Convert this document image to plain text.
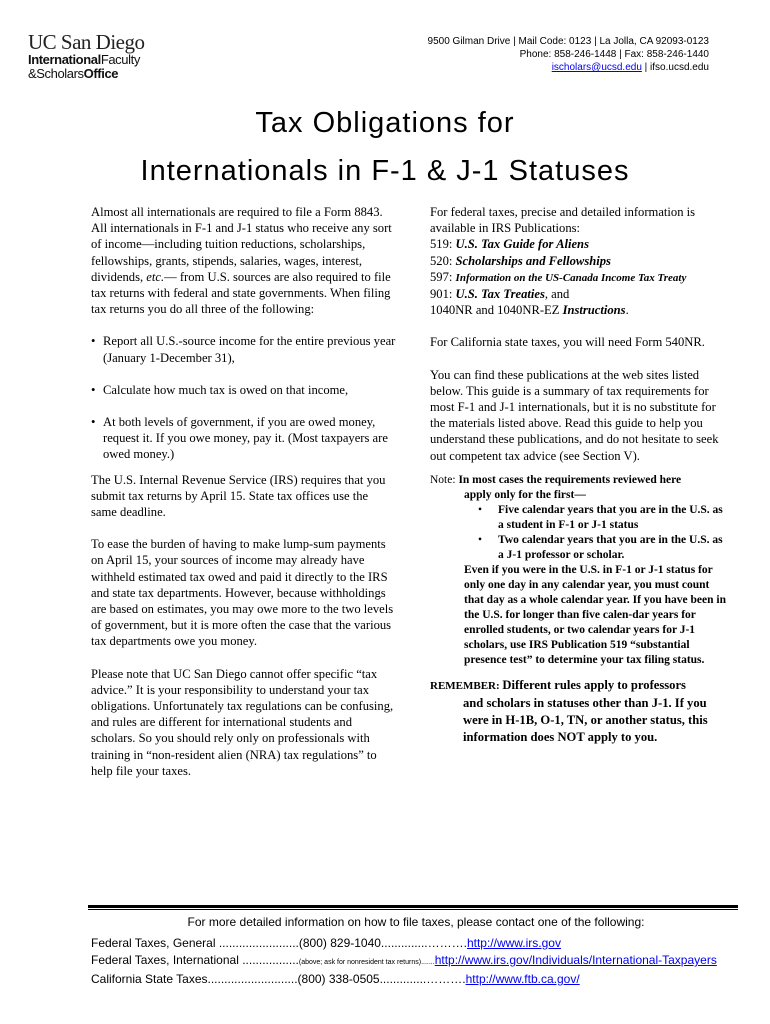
UC San Diego
InternationalFaculty
&ScholarsOffice
9500 Gilman Drive | Mail Code: 0123 | La Jolla, CA 92093-0123
Phone: 858-246-1448 | Fax: 858-246-1440
ischolars@ucsd.edu | ifso.ucsd.edu
Tax Obligations for
Internationals in F-1 & J-1 Statuses

Almost all internationals are required to file a Form 8843. All internationals in F-1 and J-1 status who receive any sort of income—including tuition reductions, scholarships, fellowships, grants, stipends, salaries, wages, interest, dividends, etc.— from U.S. sources are also required to file tax returns with federal and state governments. When filing tax returns you do all three of the following:

• Report all U.S.-source income for the entire previous year (January 1-December 31),
• Calculate how much tax is owed on that income,
• At both levels of government, if you are owed money, request it. If you owe money, pay it. (Most taxpayers are owed money.)

The U.S. Internal Revenue Service (IRS) requires that you submit tax returns by April 15. State tax offices use the same deadline.

To ease the burden of having to make lump-sum payments on April 15, your sources of income may already have withheld estimated tax owed and paid it directly to the IRS and state tax departments. However, because withholdings are based on estimates, you may owe more to the two levels of government, but it is more often the case that the various tax departments owe you money.

Please note that UC San Diego cannot offer specific “tax advice.” It is your responsibility to understand your tax obligations. Unfortunately tax regulations can be confusing, and rules are different for international students and scholars. So you should rely only on professionals with training in “non-resident alien (NRA) tax regulations” to help file your taxes.

For federal taxes, precise and detailed information is available in IRS Publications:

519: U.S. Tax Guide for Aliens
520: Scholarships and Fellowships
597: Information on the US-Canada Income Tax Treaty
901: U.S. Tax Treaties, and
1040NR and 1040NR-EZ Instructions.

For California state taxes, you will need Form 540NR.

You can find these publications at the web sites listed below. This guide is a summary of tax requirements for most F-1 and J-1 internationals, but it is no substitute for the materials listed above. Read this guide to help you understand these publications, and do not hesitate to seek out competent tax advice (see Section V).

Note: In most cases the requirements reviewed here
apply only for the first—
•	Five calendar years that you are in the U.S. as a student in F-1 or J-1 status
•	Two calendar years that you are in the U.S. as a J-1 professor or scholar.
Even if you were in the U.S. in F-1 or J-1 status for only one day in any calendar year, you must count that day as a whole calendar year. If you have been in the U.S. for longer than five calen-dar years for enrolled students, or two calendar years for J-1 scholars, use IRS Publication 519 “substantial presence test” to determine your tax filing status.
REMEMBER: Different rules apply to professors
and scholars in statuses other than J-1. If you were in H-1B, O-1, TN, or another status, this information does NOT apply to you.
For more detailed information on how to file taxes, please contact one of the following:
Federal Taxes, General ........................(800) 829-1040..............……….http://www.irs.gov
Federal Taxes, International .................(above; ask for nonresident tax returns).......http://www.irs.gov/Individuals/International-Taxpayers
California State Taxes...........................(800) 338-0505..............……….http://www.ftb.ca.gov/
